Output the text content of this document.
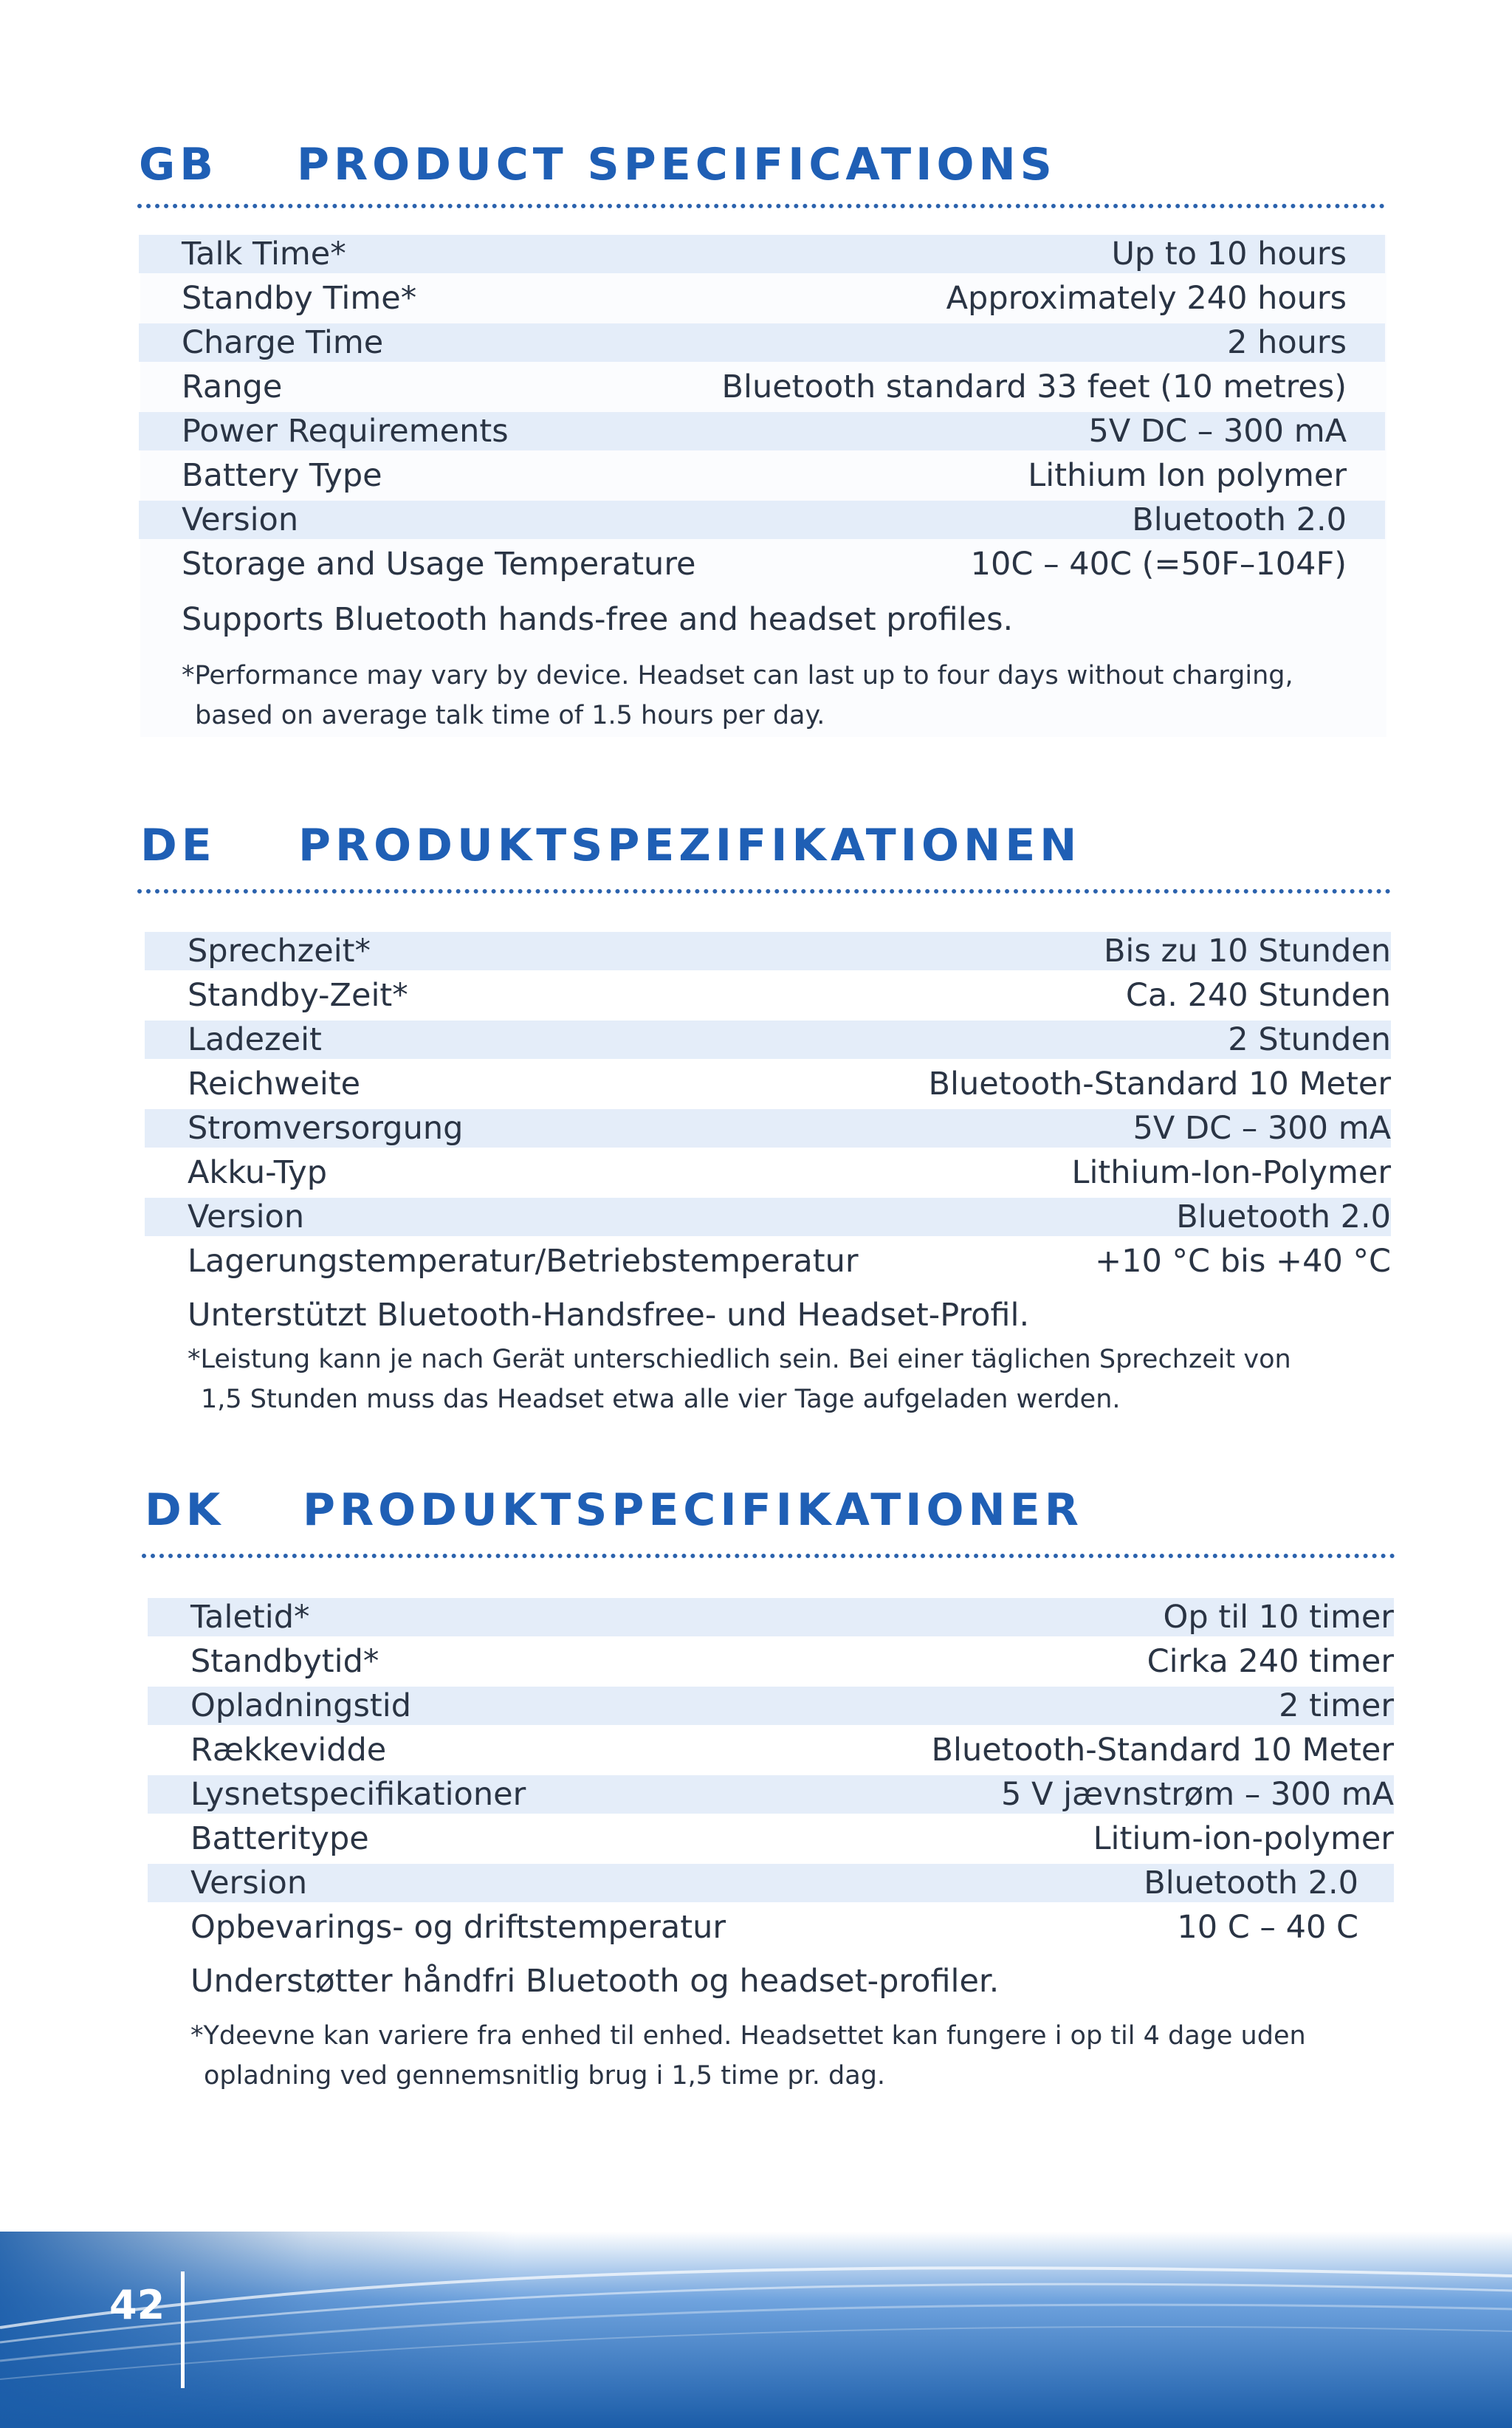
GB PRODUCT SPECIFICATIONS
Talk Time*	Up to 10 hours
Standby Time*	Approximately 240 hours
Charge Time	2 hours
Range	Bluetooth standard 33 feet (10 metres)
Power Requirements	5V DC – 300 mA
Battery Type	Lithium Ion polymer
Version	Bluetooth 2.0
Storage and Usage Temperature	10C – 40C (=50F–104F)
Supports Bluetooth hands-free and headset profiles.
*Performance may vary by device. Headset can last up to four days without charging,
based on average talk time of 1.5 hours per day.
DE PRODUKTSPEZIFIKATIONEN
Sprechzeit*	Bis zu 10 Stunden
Standby-Zeit*	Ca. 240 Stunden
Ladezeit	2 Stunden
Reichweite	Bluetooth-Standard 10 Meter
Stromversorgung	5V DC – 300 mA
Akku-Typ	Lithium-Ion-Polymer
Version	Bluetooth 2.0
Lagerungstemperatur/Betriebstemperatur	+10 °C bis +40 °C
Unterstützt Bluetooth-Handsfree- und Headset-Profil.
*Leistung kann je nach Gerät unterschiedlich sein. Bei einer täglichen Sprechzeit von
1,5 Stunden muss das Headset etwa alle vier Tage aufgeladen werden.
DK PRODUKTSPECIFIKATIONER
Taletid*	Op til 10 timer
Standbytid*	Cirka 240 timer
Opladningstid	2 timer
Rækkevidde	Bluetooth-Standard 10 Meter
Lysnetspecifikationer	5 V jævnstrøm – 300 mA
Batteritype	Litium-ion-polymer
Version	Bluetooth 2.0
Opbevarings- og driftstemperatur	10 C – 40 C
Understøtter håndfri Bluetooth og headset-profiler.
*Ydeevne kan variere fra enhed til enhed. Headsettet kan fungere i op til 4 dage uden
opladning ved gennemsnitlig brug i 1,5 time pr. dag.
42
